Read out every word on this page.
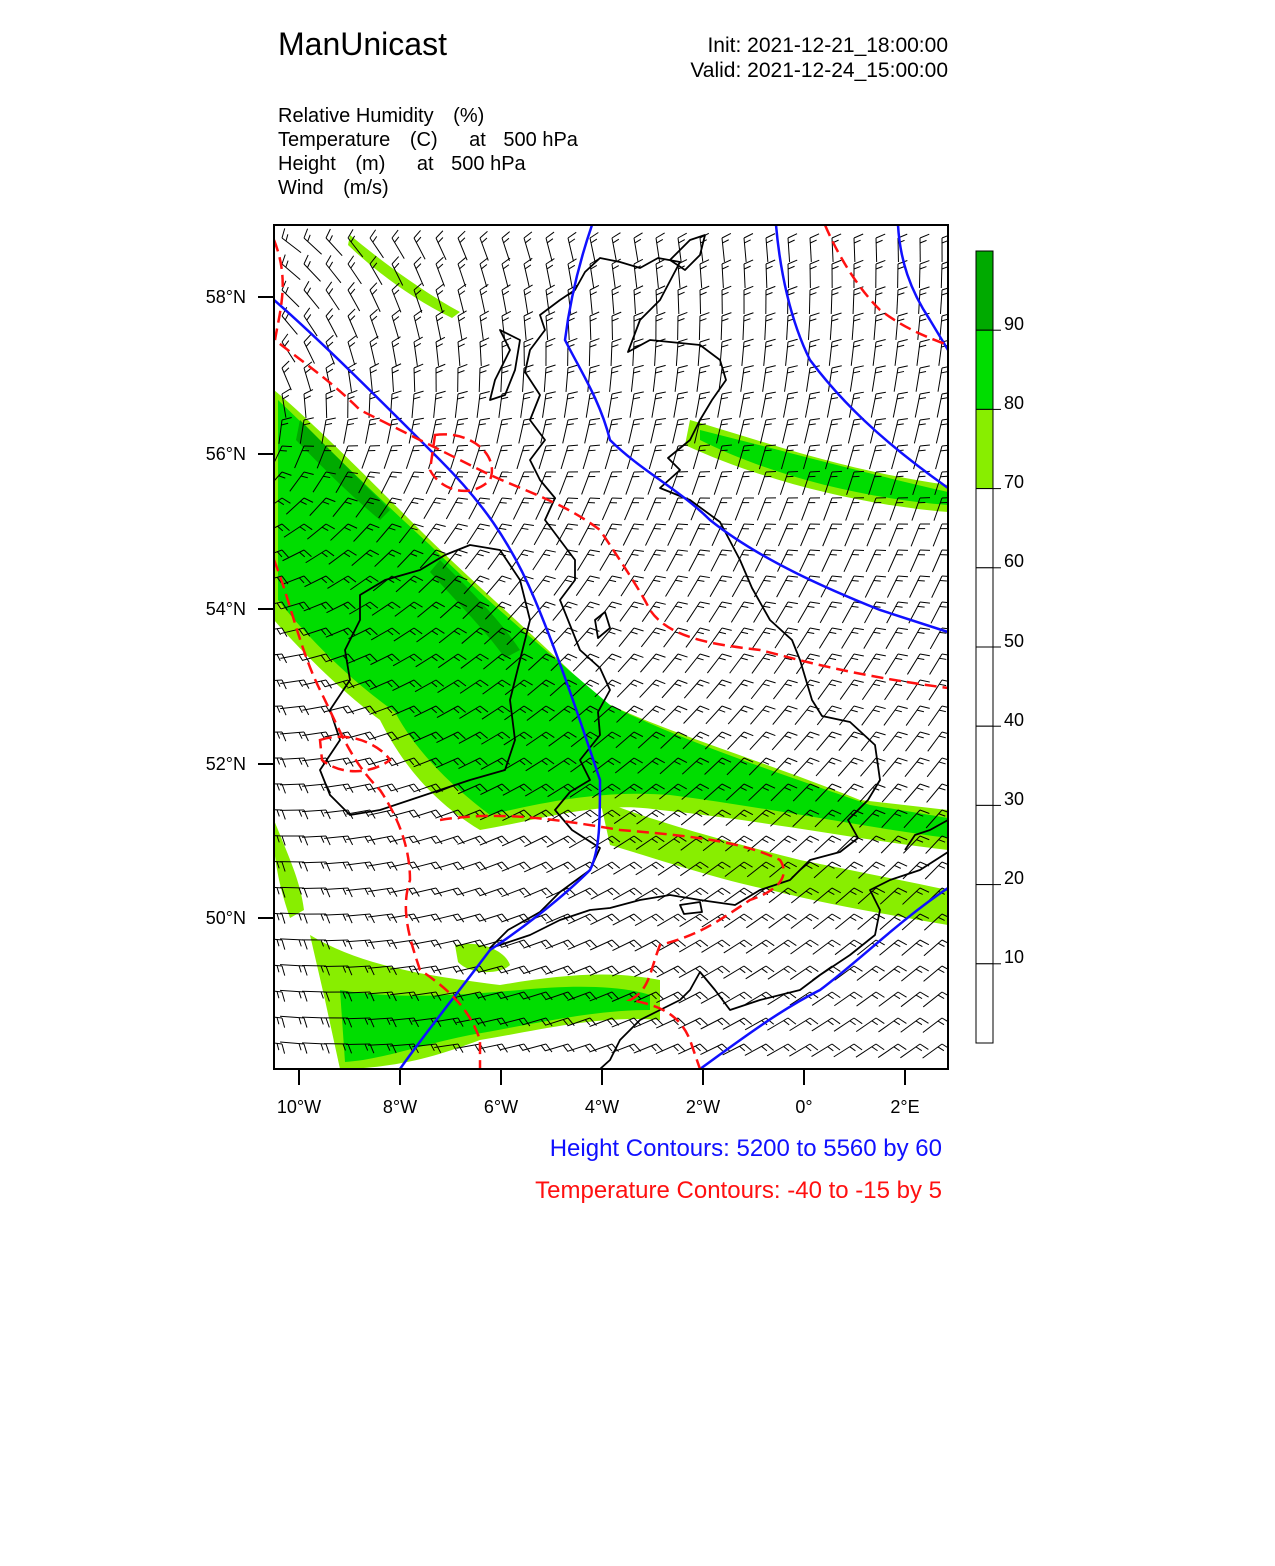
ManUnicast	Init: 2021-12-21_18:00:00
Valid: 2021-12-24_15:00:00
Relative Humidity (%)
Temperature (C) at 500 hPa
Height (m) at 500 hPa
Wind (m/s)
58°N
56°N
54°N
52°N
50°N
10°W	8°W	6°W	4°W	2°W	0°	2°E
90
80
70
60
50
40
30
20
10
Height Contours: 5200 to 5560 by 60
Temperature Contours: -40 to -15 by 5
